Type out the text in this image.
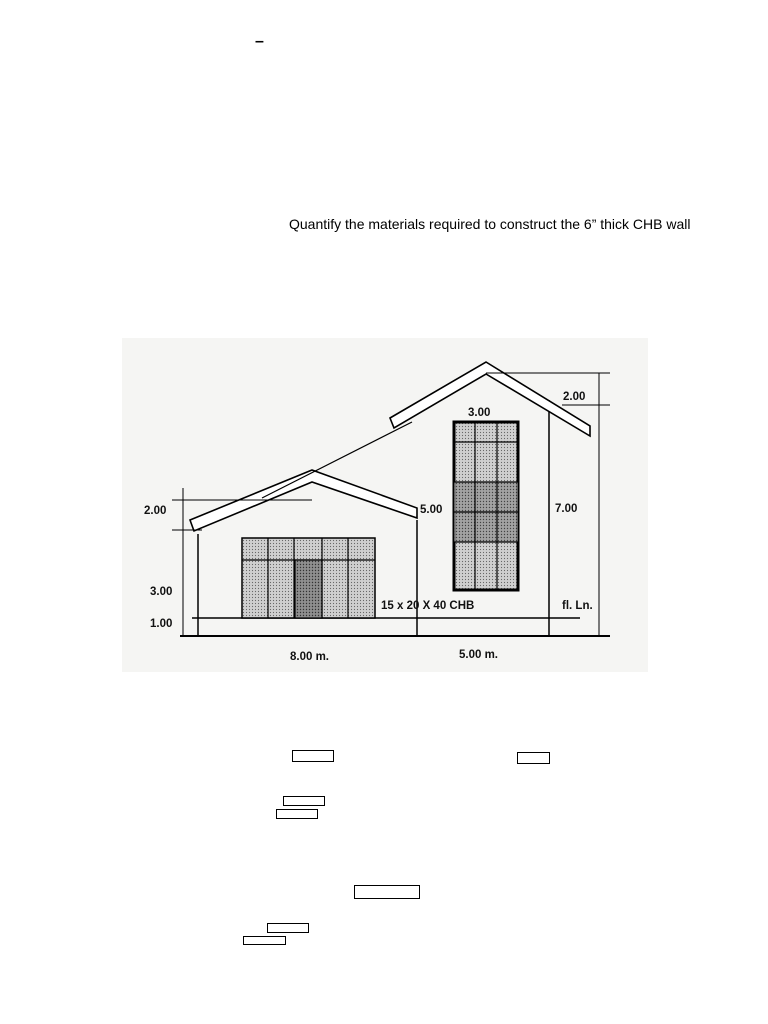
–
Quantify the materials required to construct the 6” thick CHB wall
2.00
3.00
1.00
2.00
3.00
5.00	7.00
15 x 20 X 40 CHB	fl. Ln.
8.00 m.	5.00 m.
